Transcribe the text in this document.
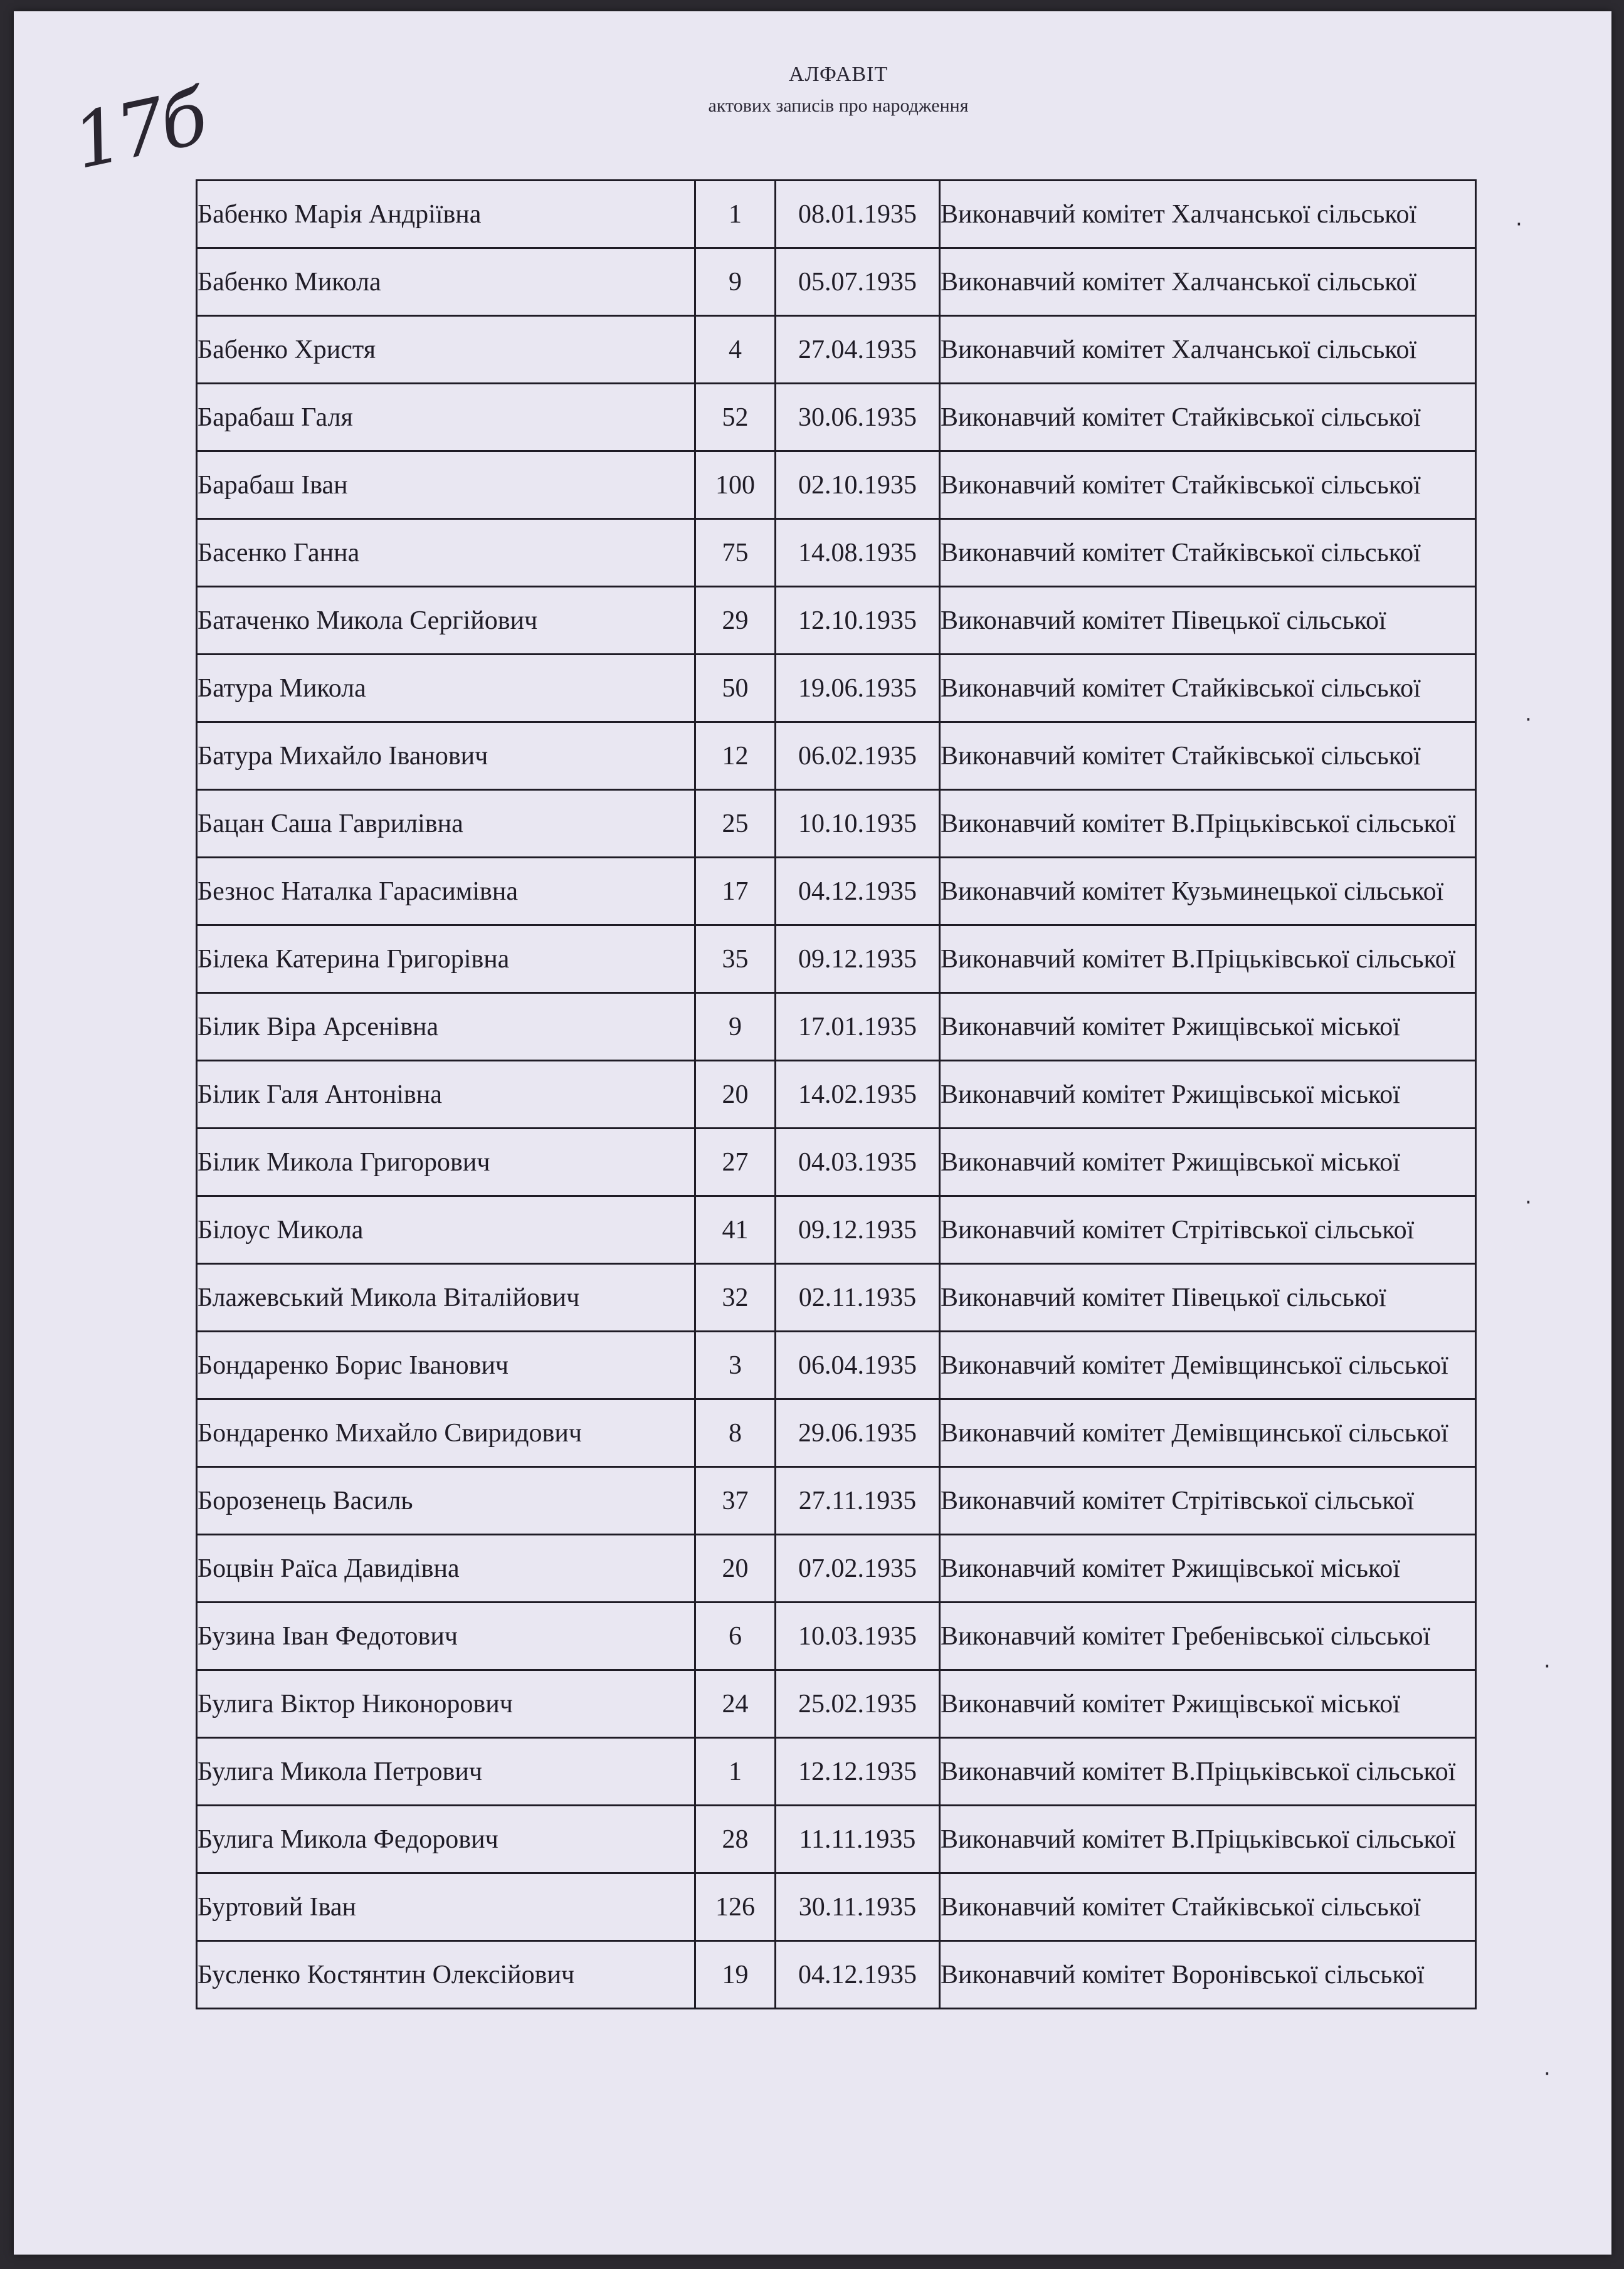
17б	АЛФАВІТ
актових записів про народження
Бабенко Марія Андріївна	1	08.01.1935	Виконавчий комітет Халчанської сільської
Бабенко Микола	9	05.07.1935	Виконавчий комітет Халчанської сільської
Бабенко Христя	4	27.04.1935	Виконавчий комітет Халчанської сільської
Барабаш Галя	52	30.06.1935	Виконавчий комітет Стайківської сільської
Барабаш Іван	100	02.10.1935	Виконавчий комітет Стайківської сільської
Басенко Ганна	75	14.08.1935	Виконавчий комітет Стайківської сільської
Батаченко Микола Сергійович	29	12.10.1935	Виконавчий комітет Півецької сільської
Батура Микола	50	19.06.1935	Виконавчий комітет Стайківської сільської
Батура Михайло Іванович	12	06.02.1935	Виконавчий комітет Стайківської сільської
Бацан Саша Гаврилівна	25	10.10.1935	Виконавчий комітет В.Пріцьківської сільської
Безнос Наталка Гарасимівна	17	04.12.1935	Виконавчий комітет Кузьминецької сільської
Білека Катерина Григорівна	35	09.12.1935	Виконавчий комітет В.Пріцьківської сільської
Білик Віра Арсенівна	9	17.01.1935	Виконавчий комітет Ржищівської міської
Білик Галя Антонівна	20	14.02.1935	Виконавчий комітет Ржищівської міської
Білик Микола Григорович	27	04.03.1935	Виконавчий комітет Ржищівської міської
Білоус Микола	41	09.12.1935	Виконавчий комітет Стрітівської сільської
Блажевський Микола Віталійович	32	02.11.1935	Виконавчий комітет Півецької сільської
Бондаренко Борис Іванович	3	06.04.1935	Виконавчий комітет Демівщинської сільської
Бондаренко Михайло Свиридович	8	29.06.1935	Виконавчий комітет Демівщинської сільської
Борозенець Василь	37	27.11.1935	Виконавчий комітет Стрітівської сільської
Боцвін Раїса Давидівна	20	07.02.1935	Виконавчий комітет Ржищівської міської
Бузина Іван Федотович	6	10.03.1935	Виконавчий комітет Гребенівської сільської
Булига Віктор Никонорович	24	25.02.1935	Виконавчий комітет Ржищівської міської
Булига Микола Петрович	1	12.12.1935	Виконавчий комітет В.Пріцьківської сільської
Булига Микола Федорович	28	11.11.1935	Виконавчий комітет В.Пріцьківської сільської
Буртовий Іван	126	30.11.1935	Виконавчий комітет Стайківської сільської
Бусленко Костянтин Олексійович	19	04.12.1935	Виконавчий комітет Воронівської сільської
·
·
·
·
·
